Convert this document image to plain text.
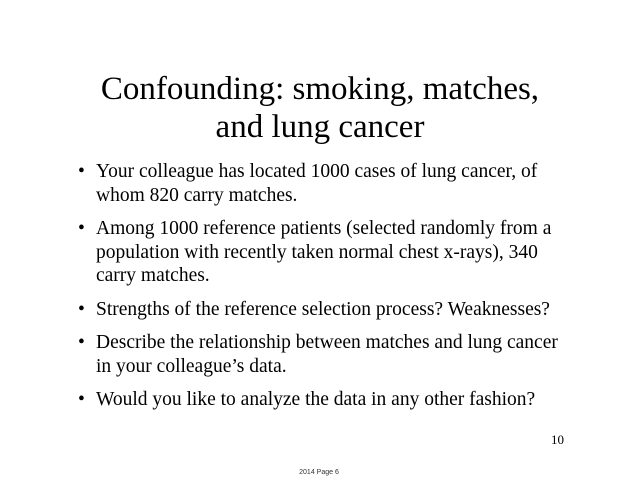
Confounding: smoking, matches,
and lung cancer
• Your colleague has located 1000 cases of lung cancer, of whom 820 carry matches.
• Among 1000 reference patients (selected randomly from a population with recently taken normal chest x-rays), 340 carry matches.
• Strengths of the reference selection process? Weaknesses?
• Describe the relationship between matches and lung cancer in your colleague’s data.
• Would you like to analyze the data in any other fashion?
10
2014 Page 6
